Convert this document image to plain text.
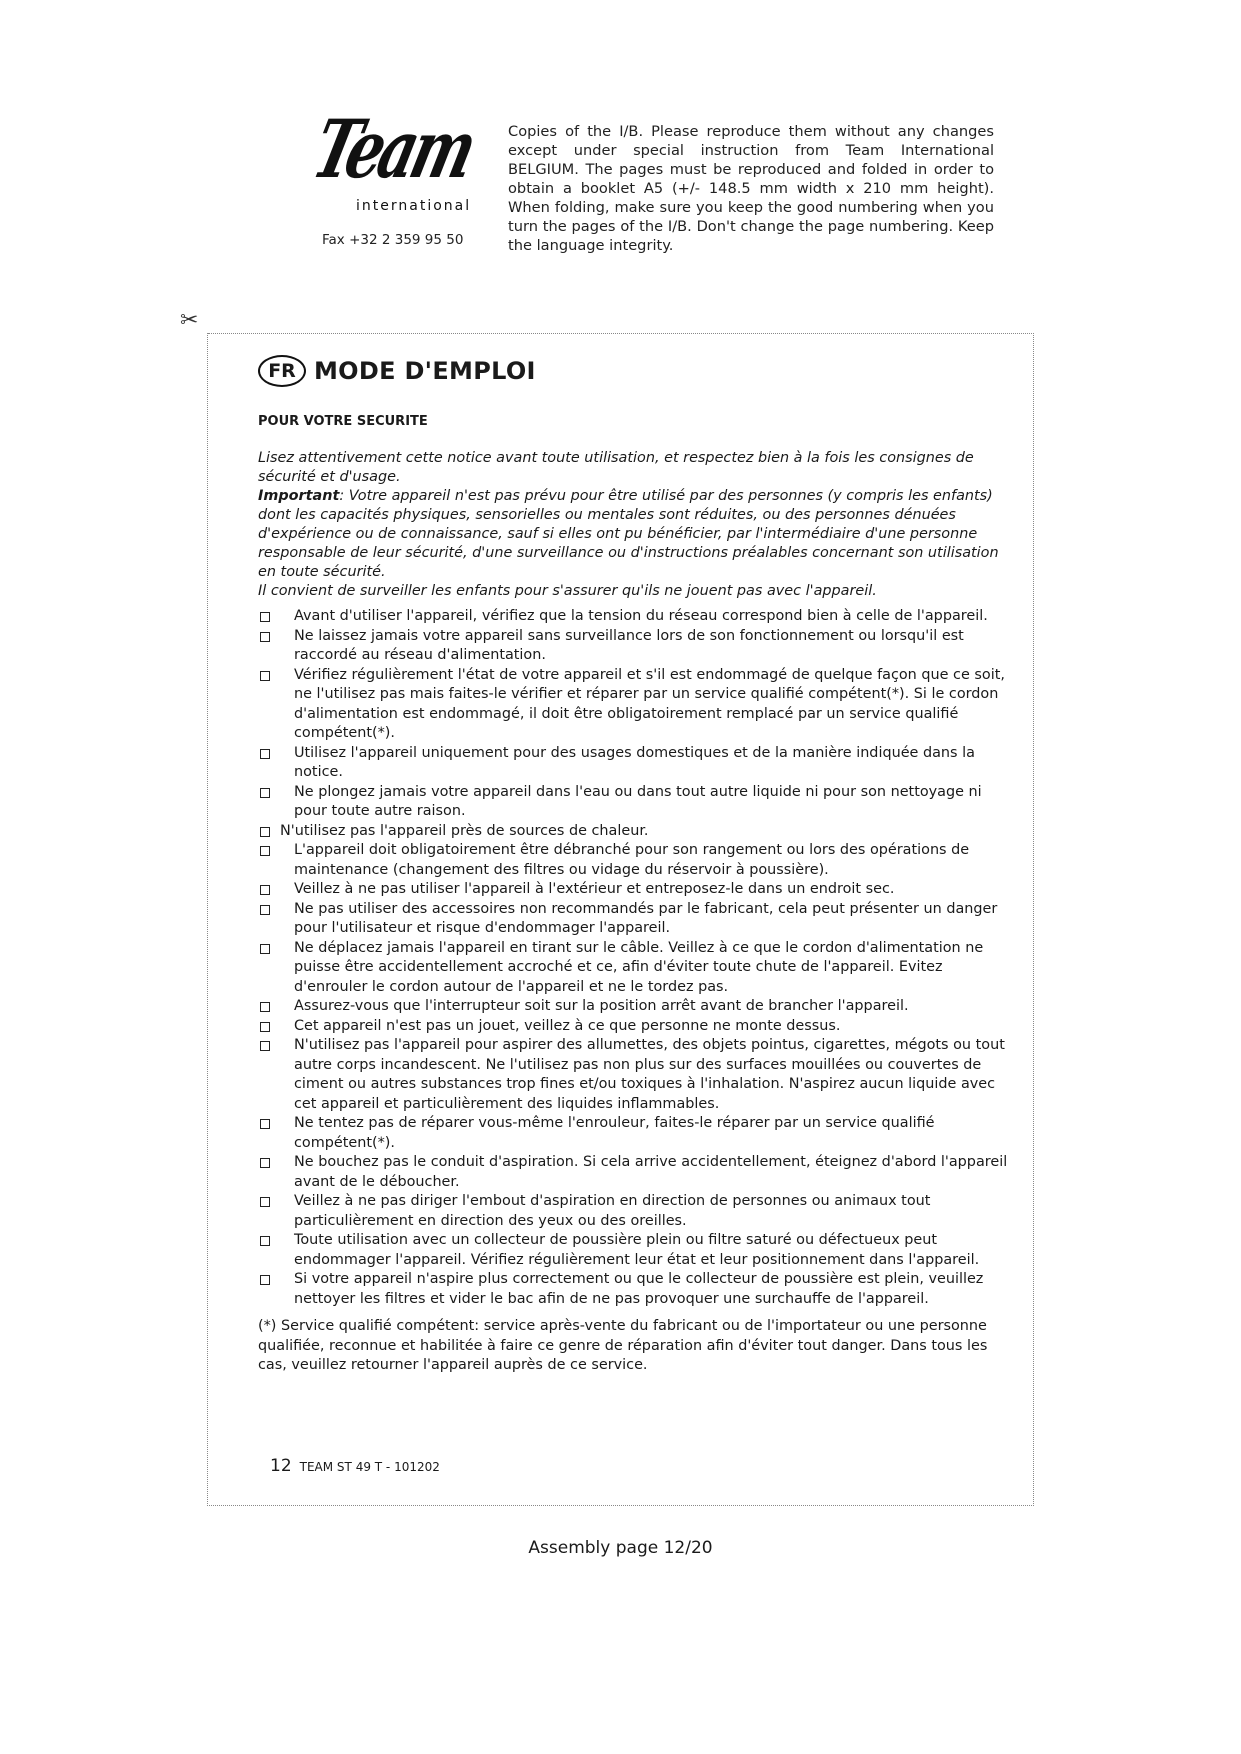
Team
international
Fax +32 2 359 95 50

Copies of the I/B. Please reproduce them without any changes except under special instruction from Team International BELGIUM. The pages must be reproduced and folded in order to obtain a booklet A5 (+/- 148.5 mm width x 210 mm height). When folding, make sure you keep the good numbering when you turn the pages of the I/B. Don't change the page numbering. Keep the language integrity.

✂
FR MODE D'EMPLOI
POUR VOTRE SECURITE

Lisez attentivement cette notice avant toute utilisation, et respectez bien à la fois les consignes de sécurité et d'usage.

Important: Votre appareil n'est pas prévu pour être utilisé par des personnes (y compris les enfants) dont les capacités physiques, sensorielles ou mentales sont réduites, ou des personnes dénuées d'expérience ou de connaissance, sauf si elles ont pu bénéficier, par l'intermédiaire d'une personne responsable de leur sécurité, d'une surveillance ou d'instructions préalables concernant son utilisation en toute sécurité.

Il convient de surveiller les enfants pour s'assurer qu'ils ne jouent pas avec l'appareil.

Avant d'utiliser l'appareil, vérifiez que la tension du réseau correspond bien à celle de l'appareil.
Ne laissez jamais votre appareil sans surveillance lors de son fonctionnement ou lorsqu'il est raccordé au réseau d'alimentation.
Vérifiez régulièrement l'état de votre appareil et s'il est endommagé de quelque façon que ce soit, ne l'utilisez pas mais faites-le vérifier et réparer par un service qualifié compétent(*). Si le cordon d'alimentation est endommagé, il doit être obligatoirement remplacé par un service qualifié compétent(*).
Utilisez l'appareil uniquement pour des usages domestiques et de la manière indiquée dans la notice.
Ne plongez jamais votre appareil dans l'eau ou dans tout autre liquide ni pour son nettoyage ni pour toute autre raison.
N'utilisez pas l'appareil près de sources de chaleur.
L'appareil doit obligatoirement être débranché pour son rangement ou lors des opérations de maintenance (changement des filtres ou vidage du réservoir à poussière).
Veillez à ne pas utiliser l'appareil à l'extérieur et entreposez-le dans un endroit sec.
Ne pas utiliser des accessoires non recommandés par le fabricant, cela peut présenter un danger pour l'utilisateur et risque d'endommager l'appareil.
Ne déplacez jamais l'appareil en tirant sur le câble. Veillez à ce que le cordon d'alimentation ne puisse être accidentellement accroché et ce, afin d'éviter toute chute de l'appareil. Evitez d'enrouler le cordon autour de l'appareil et ne le tordez pas.
Assurez-vous que l'interrupteur soit sur la position arrêt avant de brancher l'appareil.
Cet appareil n'est pas un jouet, veillez à ce que personne ne monte dessus.
N'utilisez pas l'appareil pour aspirer des allumettes, des objets pointus, cigarettes, mégots ou tout autre corps incandescent. Ne l'utilisez pas non plus sur des surfaces mouillées ou couvertes de ciment ou autres substances trop fines et/ou toxiques à l'inhalation. N'aspirez aucun liquide avec cet appareil et particulièrement des liquides inflammables.
Ne tentez pas de réparer vous-même l'enrouleur, faites-le réparer par un service qualifié compétent(*).
Ne bouchez pas le conduit d'aspiration. Si cela arrive accidentellement, éteignez d'abord l'appareil avant de le déboucher.
Veillez à ne pas diriger l'embout d'aspiration en direction de personnes ou animaux tout particulièrement en direction des yeux ou des oreilles.
Toute utilisation avec un collecteur de poussière plein ou filtre saturé ou défectueux peut endommager l'appareil. Vérifiez régulièrement leur état et leur positionnement dans l'appareil.
Si votre appareil n'aspire plus correctement ou que le collecteur de poussière est plein, veuillez nettoyer les filtres et vider le bac afin de ne pas provoquer une surchauffe de l'appareil.
(*) Service qualifié compétent: service après-vente du fabricant ou de l'importateur ou une personne qualifiée, reconnue et habilitée à faire ce genre de réparation afin d'éviter tout danger. Dans tous les cas, veuillez retourner l'appareil auprès de ce service.
12 TEAM ST 49 T - 101202
Assembly page 12/20
